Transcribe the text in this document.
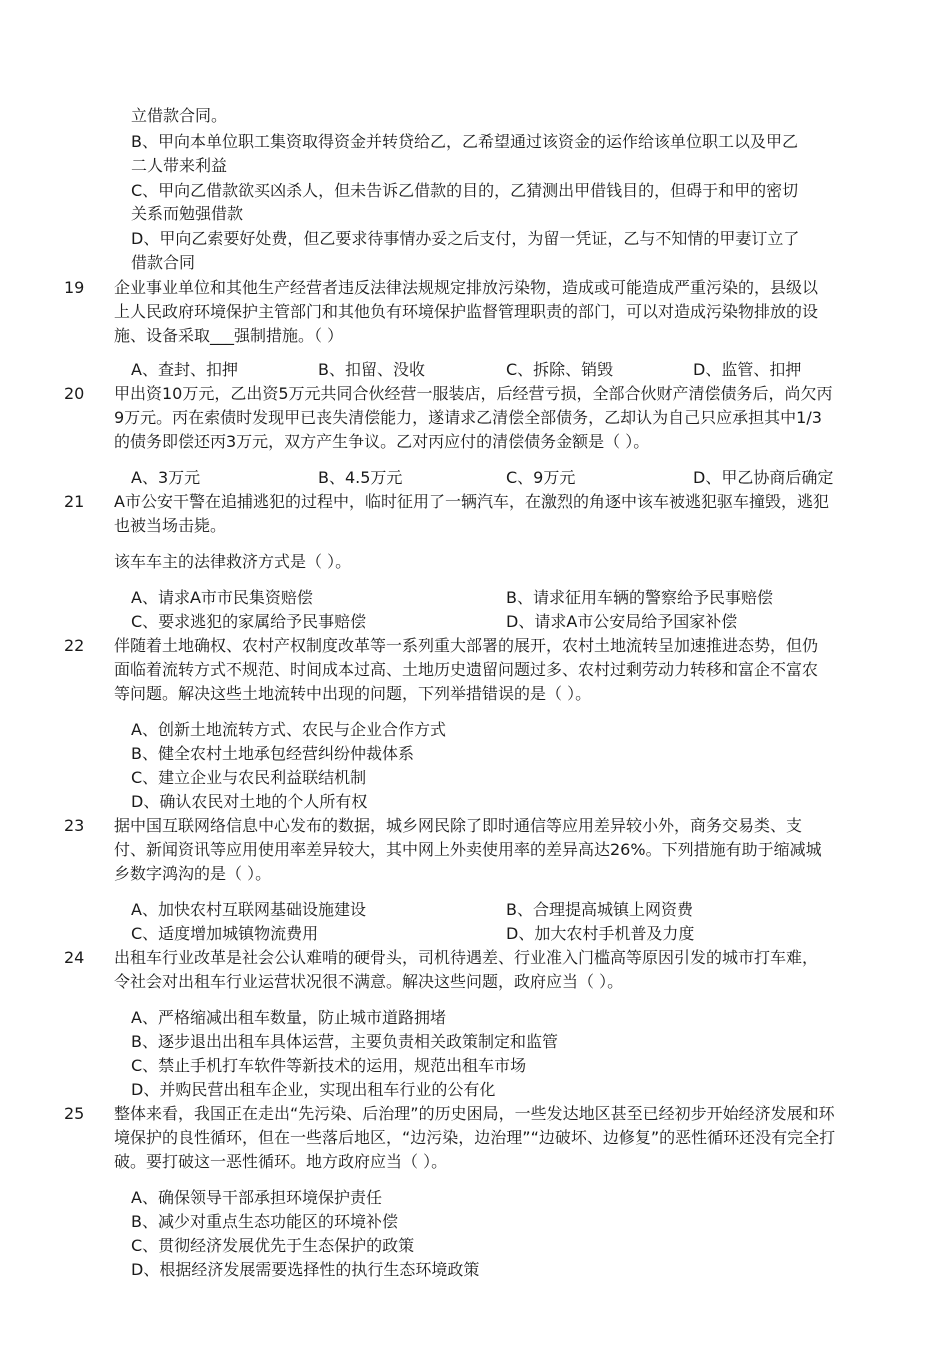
立借款合同。
B、甲向本单位职工集资取得资金并转贷给乙，乙希望通过该资金的运作给该单位职工以及甲乙
二人带来利益
C、甲向乙借款欲买凶杀人，但未告诉乙借款的目的，乙猜测出甲借钱目的，但碍于和甲的密切
关系而勉强借款
D、甲向乙索要好处费，但乙要求待事情办妥之后支付，为留一凭证，乙与不知情的甲妻订立了
借款合同
19	企业事业单位和其他生产经营者违反法律法规规定排放污染物，造成或可能造成严重污染的，县级以
上人民政府环境保护主管部门和其他负有环境保护监督管理职责的部门，可以对造成污染物排放的设
施、设备采取___强制措施。（ ）
A、查封、扣押	B、扣留、没收	C、拆除、销毁	D、监管、扣押
20	甲出资10万元，乙出资5万元共同合伙经营一服装店，后经营亏损，全部合伙财产清偿债务后，尚欠丙
9万元。丙在索债时发现甲已丧失清偿能力，遂请求乙清偿全部债务，乙却认为自己只应承担其中1/3
的债务即偿还丙3万元，双方产生争议。乙对丙应付的清偿债务金额是（ ）。
A、3万元	B、4.5万元	C、9万元	D、甲乙协商后确定
21	A市公安干警在追捕逃犯的过程中，临时征用了一辆汽车，在激烈的角逐中该车被逃犯驱车撞毁，逃犯
也被当场击毙。
该车车主的法律救济方式是（ ）。
A、请求A市市民集资赔偿	B、请求征用车辆的警察给予民事赔偿
C、要求逃犯的家属给予民事赔偿	D、请求A市公安局给予国家补偿
22	伴随着土地确权、农村产权制度改革等一系列重大部署的展开，农村土地流转呈加速推进态势，但仍
面临着流转方式不规范、时间成本过高、土地历史遗留问题过多、农村过剩劳动力转移和富企不富农
等问题。解决这些土地流转中出现的问题，下列举措错误的是（ ）。
A、创新土地流转方式、农民与企业合作方式
B、健全农村土地承包经营纠纷仲裁体系
C、建立企业与农民利益联结机制
D、确认农民对土地的个人所有权
23	据中国互联网络信息中心发布的数据，城乡网民除了即时通信等应用差异较小外，商务交易类、支
付、新闻资讯等应用使用率差异较大，其中网上外卖使用率的差异高达26%。下列措施有助于缩减城
乡数字鸿沟的是（ ）。
A、加快农村互联网基础设施建设	B、合理提高城镇上网资费
C、适度增加城镇物流费用	D、加大农村手机普及力度
24	出租车行业改革是社会公认难啃的硬骨头，司机待遇差、行业准入门槛高等原因引发的城市打车难，
令社会对出租车行业运营状况很不满意。解决这些问题，政府应当（ ）。
A、严格缩减出租车数量，防止城市道路拥堵
B、逐步退出出租车具体运营，主要负责相关政策制定和监管
C、禁止手机打车软件等新技术的运用，规范出租车市场
D、并购民营出租车企业，实现出租车行业的公有化
25	整体来看，我国正在走出“先污染、后治理”的历史困局，一些发达地区甚至已经初步开始经济发展和环
境保护的良性循环，但在一些落后地区，“边污染，边治理”“边破坏、边修复”的恶性循环还没有完全打
破。要打破这一恶性循环。地方政府应当（ ）。
A、确保领导干部承担环境保护责任
B、减少对重点生态功能区的环境补偿
C、贯彻经济发展优先于生态保护的政策
D、根据经济发展需要选择性的执行生态环境政策
